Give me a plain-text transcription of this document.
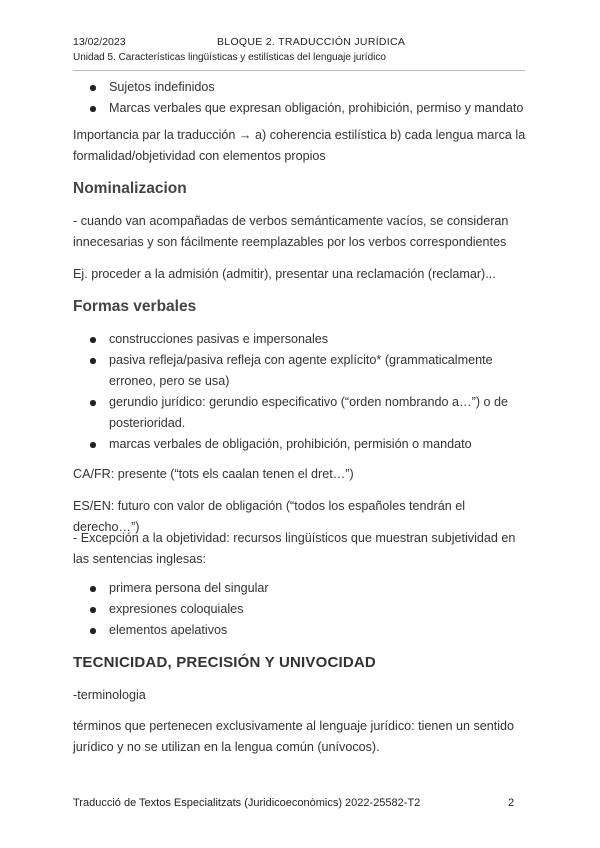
13/02/2023	BLOQUE 2. TRADUCCIÓN JURÍDICA
Unidad 5. Características lingüísticas y estilísticas del lenguaje jurídico
Sujetos indefinidos
Marcas verbales que expresan obligación, prohibición, permiso y mandato

Importancia par la traducción → a) coherencia estilística b) cada lengua marca la formalidad/objetividad con elementos propios

Nominalizacion

- cuando van acompañadas de verbos semánticamente vacíos, se consideran innecesarias y son fácilmente reemplazables por los verbos correspondientes

Ej. proceder a la admisión (admitir), presentar una reclamación (reclamar)...

Formas verbales
construcciones pasivas e impersonales
pasiva refleja/pasiva refleja con agente explícito* (grammaticalmente erroneo, pero se usa)
gerundio jurídico: gerundio especificativo (“orden nombrando a…”) o de posterioridad.
marcas verbales de obligación, prohibición, permisión o mandato

CA/FR: presente (“tots els caalan tenen el dret…”)

ES/EN: futuro con valor de obligación (“todos los españoles tendrán el derecho…”)

- Excepción a la objetividad: recursos lingüísticos que muestran subjetividad en las sentencias inglesas:

primera persona del singular
expresiones coloquiales
elementos apelativos
TECNICIDAD, PRECISIÓN Y UNIVOCIDAD

-terminologia

términos que pertenecen exclusivamente al lenguaje jurídico: tienen un sentido jurídico y no se utilizan en la lengua común (unívocos).

Traducció de Textos Especialitzats (Juridicoeconòmics) 2022-25582-T2	2
